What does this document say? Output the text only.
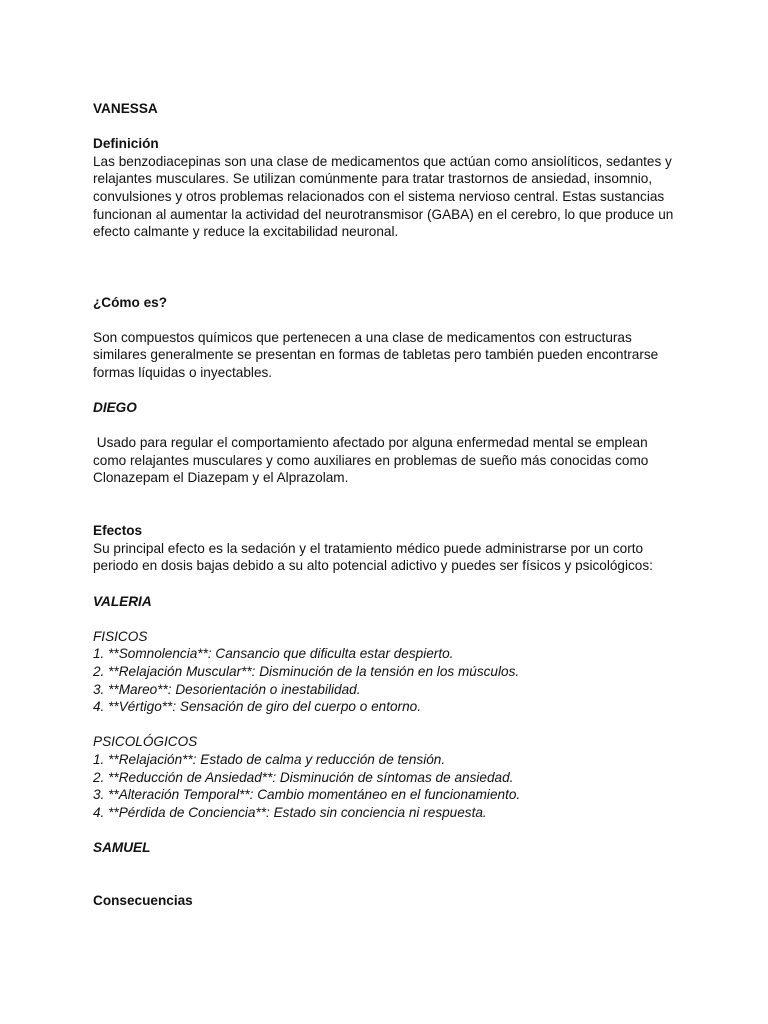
VANESSA

Definición

Las benzodiacepinas son una clase de medicamentos que actúan como ansiolíticos, sedantes y relajantes musculares. Se utilizan comúnmente para tratar trastornos de ansiedad, insomnio, convulsiones y otros problemas relacionados con el sistema nervioso central. Estas sustancias funcionan al aumentar la actividad del neurotransmisor (GABA) en el cerebro, lo que produce un efecto calmante y reduce la excitabilidad neuronal.

¿Cómo es?

Son compuestos químicos que pertenecen a una clase de medicamentos con estructuras similares generalmente se presentan en formas de tabletas pero también pueden encontrarse formas líquidas o inyectables.

DIEGO

Usado para regular el comportamiento afectado por alguna enfermedad mental se emplean como relajantes musculares y como auxiliares en problemas de sueño más conocidas como Clonazepam el Diazepam y el Alprazolam.

Efectos

Su principal efecto es la sedación y el tratamiento médico puede administrarse por un corto periodo en dosis bajas debido a su alto potencial adictivo y puedes ser físicos y psicológicos:

VALERIA

FISICOS

1. **Somnolencia**: Cansancio que dificulta estar despierto.

2. **Relajación Muscular**: Disminución de la tensión en los músculos.

3. **Mareo**: Desorientación o inestabilidad.

4. **Vértigo**: Sensación de giro del cuerpo o entorno.

PSICOLÓGICOS

1. **Relajación**: Estado de calma y reducción de tensión.

2. **Reducción de Ansiedad**: Disminución de síntomas de ansiedad.

3. **Alteración Temporal**: Cambio momentáneo en el funcionamiento.

4. **Pérdida de Conciencia**: Estado sin conciencia ni respuesta.

SAMUEL

Consecuencias
